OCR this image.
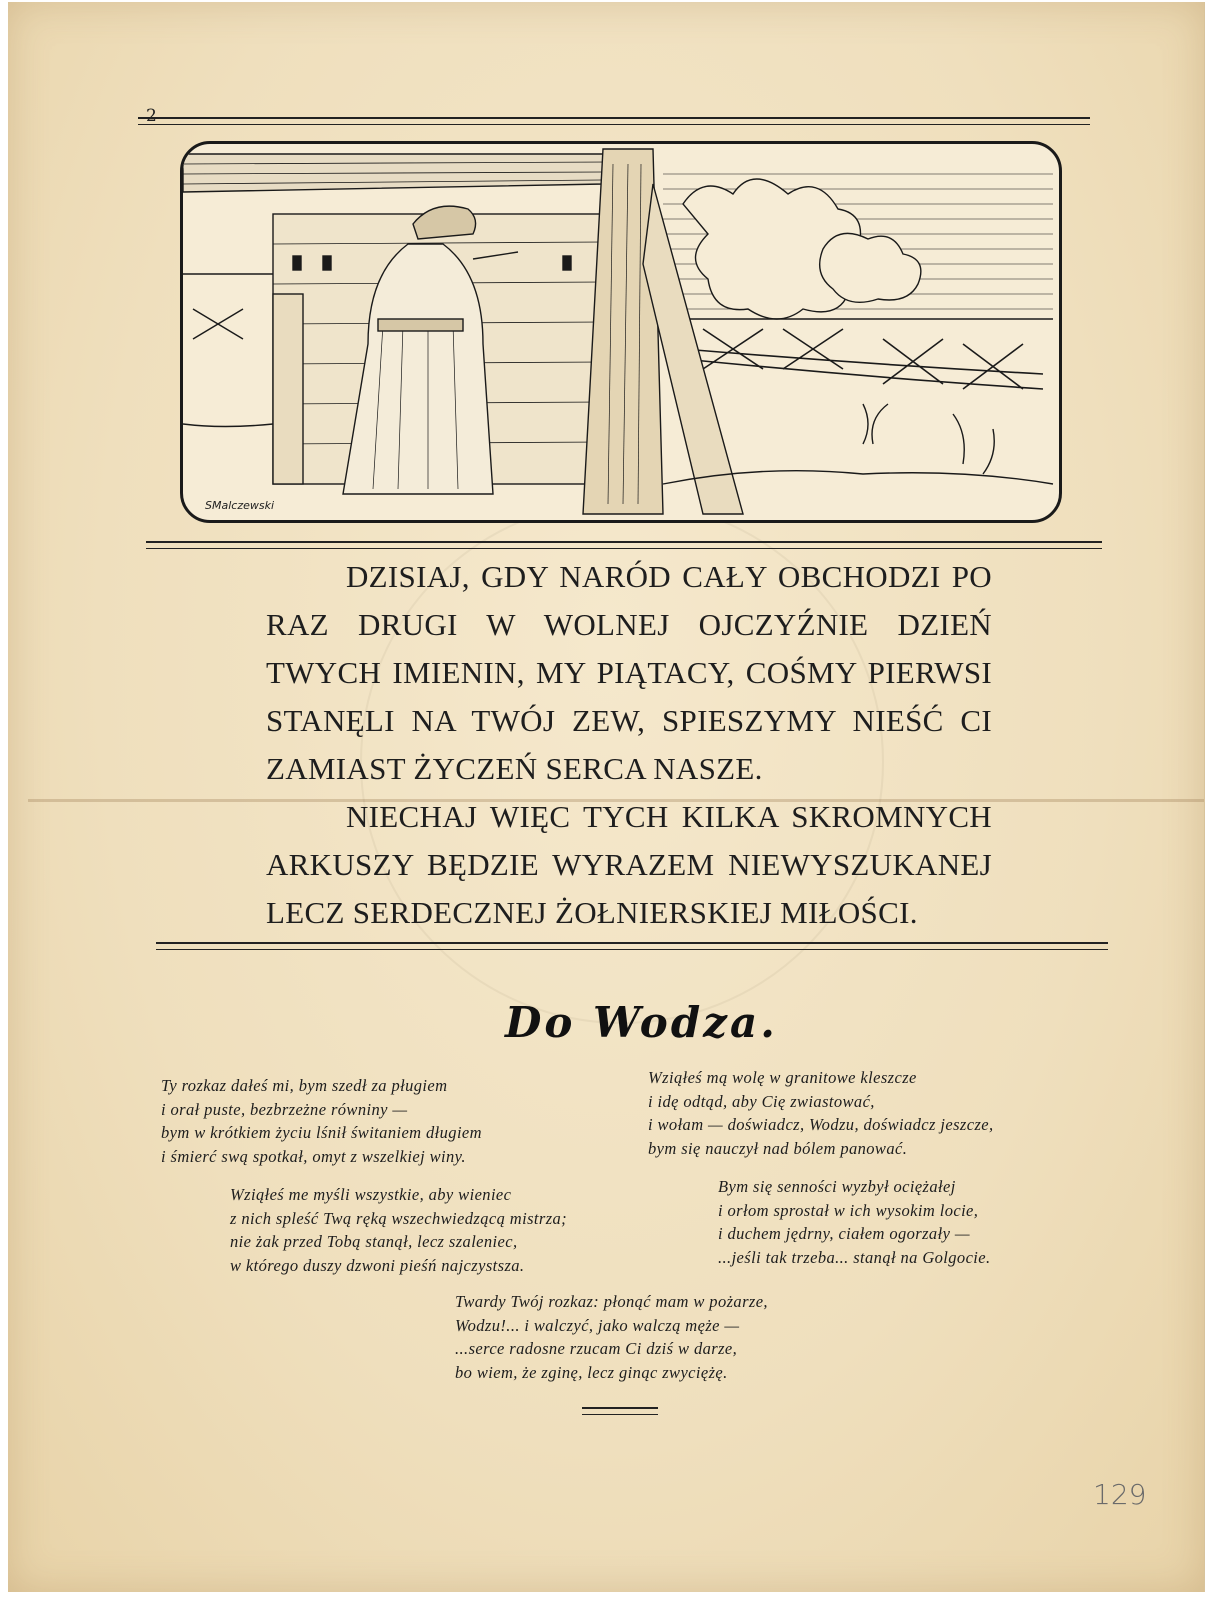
2
SMalczewski

DZISIAJ, GDY NARÓD CAŁY OBCHODZI PO RAZ DRUGI W WOLNEJ OJCZYŹNIE DZIEŃ TWYCH IMIENIN, MY PIĄTACY, COŚMY PIERWSI STANĘLI NA TWÓJ ZEW, SPIESZYMY NIEŚĆ CI ZAMIAST ŻYCZEŃ SERCA NASZE.

NIECHAJ WIĘC TYCH KILKA SKROMNYCH ARKUSZY BĘDZIE WYRAZEM NIEWYSZUKANEJ LECZ SERDECZNEJ ŻOŁNIERSKIEJ MIŁOŚCI.

Do Wodza.
Ty rozkaz dałeś mi, bym szedł za pługiem
i orał puste, bezbrzeżne równiny —
bym w krótkiem życiu lśnił świtaniem długiem
i śmierć swą spotkał, omyt z wszelkiej winy.
Wziąłeś me myśli wszystkie, aby wieniec
z nich spleść Twą ręką wszechwiedzącą mistrza;
nie żak przed Tobą stanął, lecz szaleniec,
w którego duszy dzwoni pieśń najczystsza.
Wziąłeś mą wolę w granitowe kleszcze
i idę odtąd, aby Cię zwiastować,
i wołam — doświadcz, Wodzu, doświadcz jeszcze,
bym się nauczył nad bólem panować.
Bym się senności wyzbył ociężałej
i orłom sprostał w ich wysokim locie,
i duchem jędrny, ciałem ogorzały —
...jeśli tak trzeba... stanął na Golgocie.
Twardy Twój rozkaz: płonąć mam w pożarze,
Wodzu!... i walczyć, jako walczą męże —
...serce radosne rzucam Ci dziś w darze,
bo wiem, że zginę, lecz ginąc zwyciężę.
129
